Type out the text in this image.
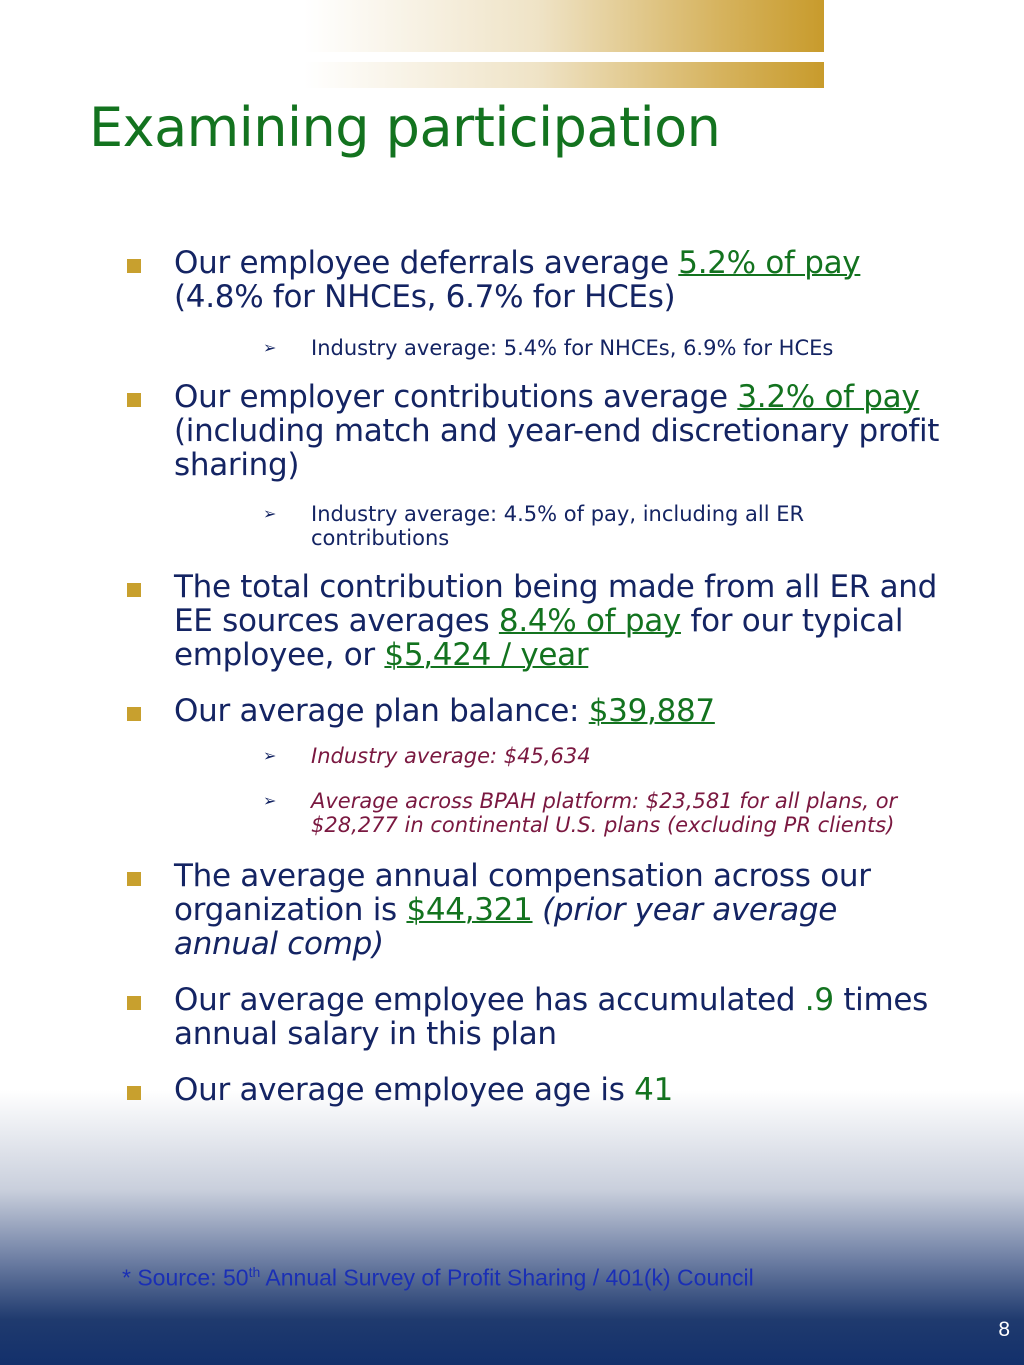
Examining participation
Our employee deferrals average 5.2% of pay (4.8% for NHCEs, 6.7% for HCEs)
➢ Industry average: 5.4% for NHCEs, 6.9% for HCEs
Our employer contributions average 3.2% of pay (including match and year-end discretionary profit sharing)
➢ Industry average: 4.5% of pay, including all ER contributions
The total contribution being made from all ER and EE sources averages 8.4% of pay for our typical employee, or $5,424 / year
Our average plan balance: $39,887
➢ Industry average: $45,634
➢ Average across BPAH platform: $23,581 for all plans, or $28,277 in continental U.S. plans (excluding PR clients)
The average annual compensation across our organization is $44,321 (prior year average annual comp)
Our average employee has accumulated .9 times annual salary in this plan
Our average employee age is 41
* Source: 50th Annual Survey of Profit Sharing / 401(k) Council
8
